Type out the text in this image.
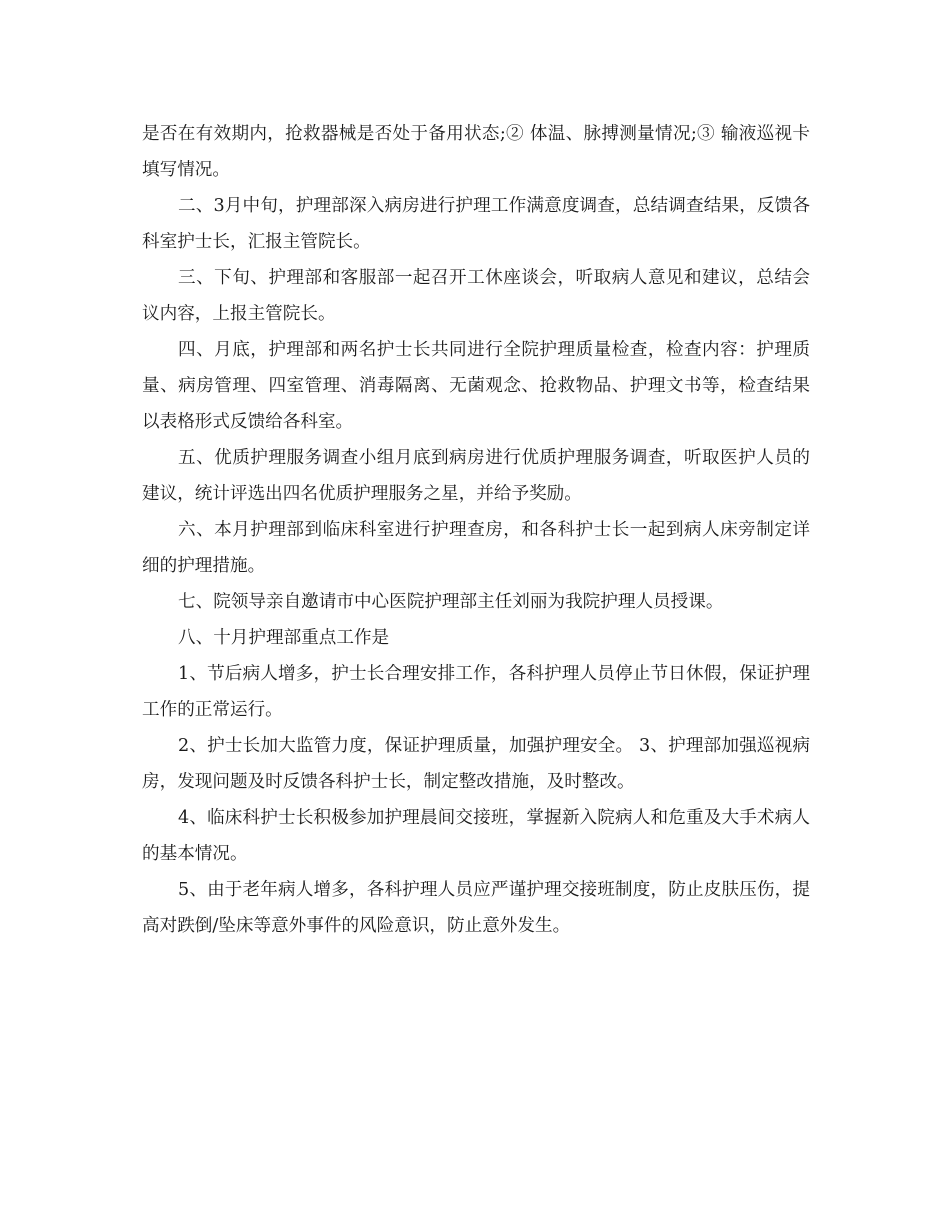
是否在有效期内，抢救器械是否处于备用状态;② 体温、脉搏测量情况;③ 输液巡视卡填写情况。

二、3月中旬，护理部深入病房进行护理工作满意度调查，总结调查结果，反馈各科室护士长，汇报主管院长。

三、下旬、护理部和客服部一起召开工休座谈会，听取病人意见和建议，总结会议内容，上报主管院长。

四、月底，护理部和两名护士长共同进行全院护理质量检查，检查内容：护理质量、病房管理、四室管理、消毒隔离、无菌观念、抢救物品、护理文书等，检查结果以表格形式反馈给各科室。

五、优质护理服务调查小组月底到病房进行优质护理服务调查，听取医护人员的建议，统计评选出四名优质护理服务之星，并给予奖励。

六、本月护理部到临床科室进行护理查房，和各科护士长一起到病人床旁制定详细的护理措施。

七、院领导亲自邀请市中心医院护理部主任刘丽为我院护理人员授课。

八、十月护理部重点工作是

1、节后病人增多，护士长合理安排工作，各科护理人员停止节日休假，保证护理工作的正常运行。

2、护士长加大监管力度，保证护理质量，加强护理安全。 3、护理部加强巡视病房，发现问题及时反馈各科护士长，制定整改措施，及时整改。

4、临床科护士长积极参加护理晨间交接班，掌握新入院病人和危重及大手术病人的基本情况。

5、由于老年病人增多，各科护理人员应严谨护理交接班制度，防止皮肤压伤，提高对跌倒/坠床等意外事件的风险意识，防止意外发生。
